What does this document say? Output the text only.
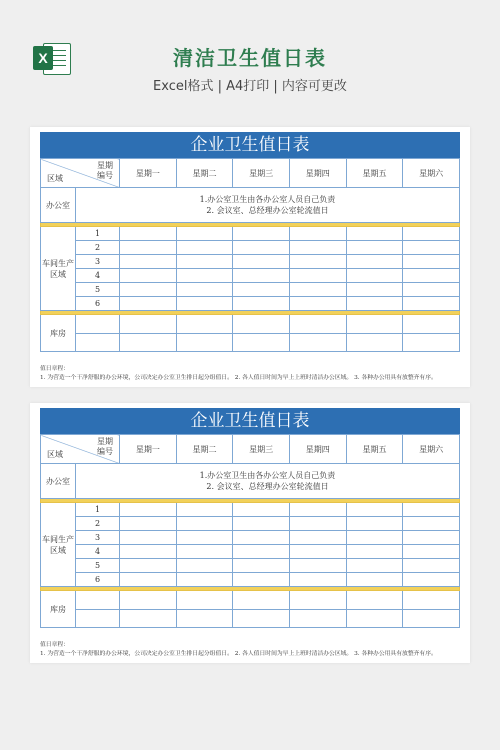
X	清洁卫生值日表
Excel格式 | A4打印 | 内容可更改
企业卫生值日表
星期
编号
区域		星期一	星期二	星期三	星期四	星期五	星期六
办公室	1.办公室卫生由各办公室人员自己负责
2. 会议室、总经理办公室轮流值日						

车间生产
区域	1						
	2						
	3						
	4						
	5						
	6						

库房							

值日章程：
1. 为营造一个干净舒服的办公环境，公司决定办公室卫生排日起分组值日。 2. 各人值日时间为早上上班时清洁办公区域。 3. 各种办公用具有放整齐有序。
企业卫生值日表
星期
编号
区域		星期一	星期二	星期三	星期四	星期五	星期六
办公室	1.办公室卫生由各办公室人员自己负责
2. 会议室、总经理办公室轮流值日						

车间生产
区域	1						
	2						
	3						
	4						
	5						
	6						

库房							

值日章程：
1. 为营造一个干净舒服的办公环境，公司决定办公室卫生排日起分组值日。 2. 各人值日时间为早上上班时清洁办公区域。 3. 各种办公用具有放整齐有序。
